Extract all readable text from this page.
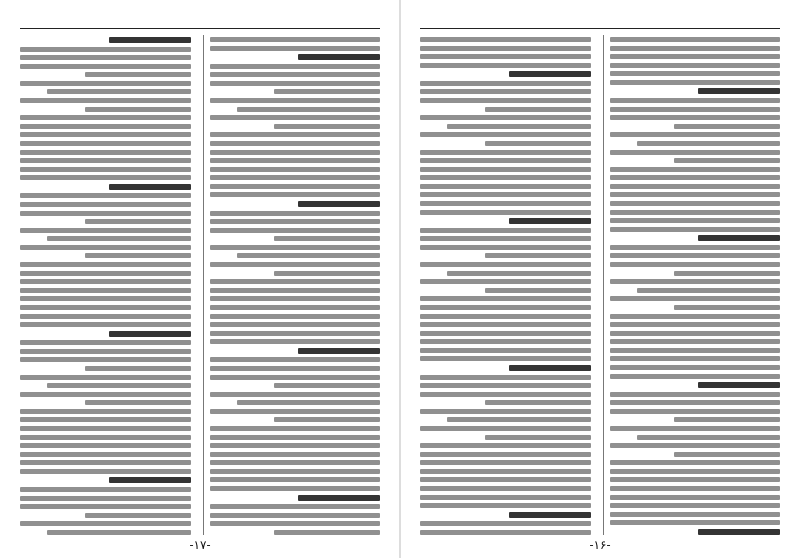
-۱۷-	-۱۶-
